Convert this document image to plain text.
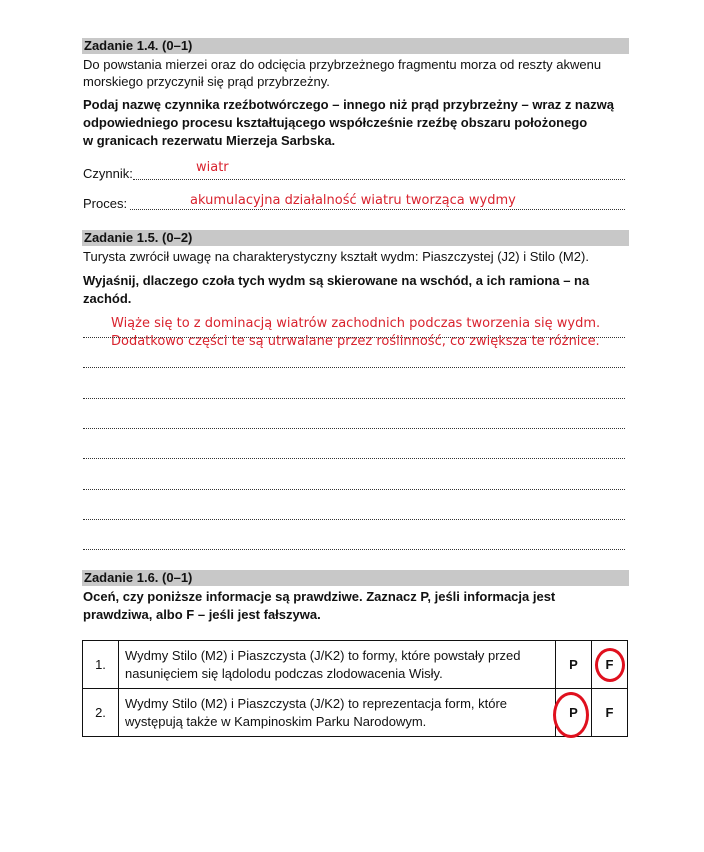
Zadanie 1.4. (0–1)
Do powstania mierzei oraz do odcięcia przybrzeżnego fragmentu morza od reszty akwenu
morskiego przyczynił się prąd przybrzeżny.
Podaj nazwę czynnika rzeźbotwórczego – innego niż prąd przybrzeżny – wraz z nazwą
odpowiedniego procesu kształtującego współcześnie rzeźbę obszaru położonego
w granicach rezerwatu Mierzeja Sarbska.
Czynnik:	wiatr
Proces:	akumulacyjna działalność wiatru tworząca wydmy
Zadanie 1.5. (0–2)
Turysta zwrócił uwagę na charakterystyczny kształt wydm: Piaszczystej (J2) i Stilo (M2).
Wyjaśnij, dlaczego czoła tych wydm są skierowane na wschód, a ich ramiona – na
zachód.
Wiąże się to z dominacją wiatrów zachodnich podczas tworzenia się wydm.
Dodatkowo części te są utrwalane przez roślinność, co zwiększa te różnice.
Zadanie 1.6. (0–1)
Oceń, czy poniższe informacje są prawdziwe. Zaznacz P, jeśli informacja jest
prawdziwa, albo F – jeśli jest fałszywa.
1.	Wydmy Stilo (M2) i Piaszczysta (J/K2) to formy, które powstały przed
nasunięciem się lądolodu podczas zlodowacenia Wisły.	P	F

2.	Wydmy Stilo (M2) i Piaszczysta (J/K2) to reprezentacja form, które
występują także w Kampinoskim Parku Narodowym.	P	F
